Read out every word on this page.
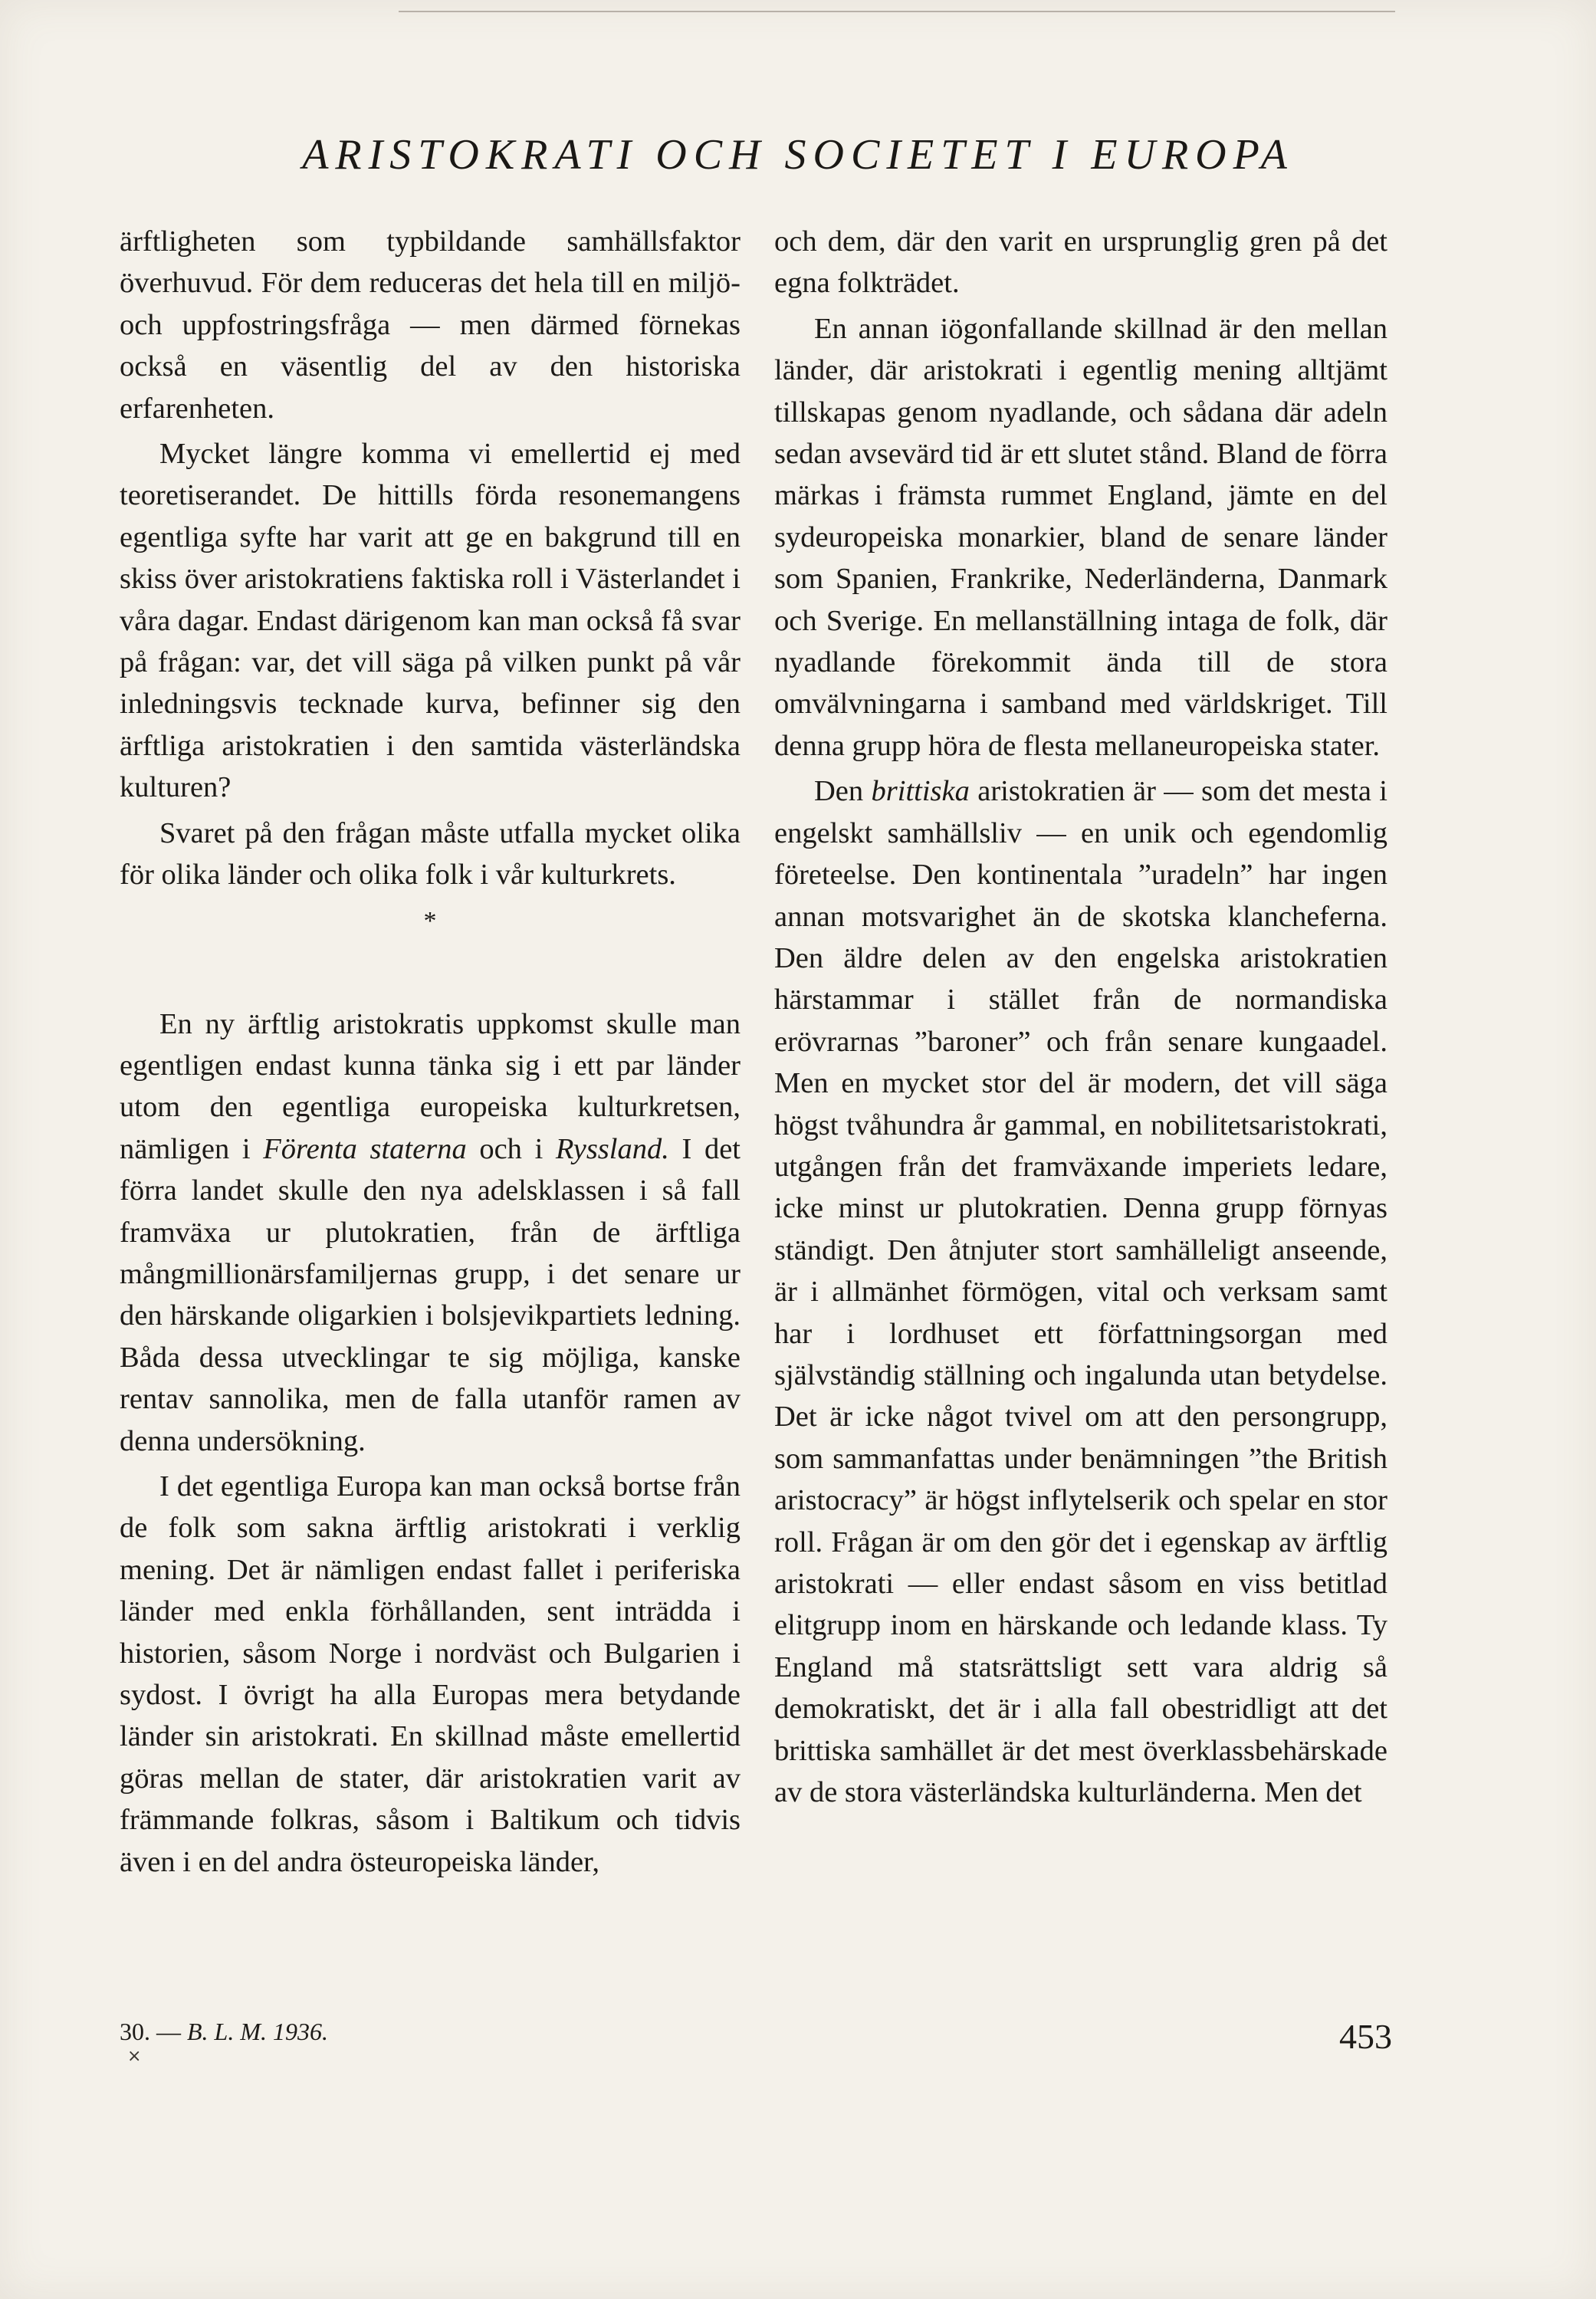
ARISTOKRATI OCH SOCIETET I EUROPA

ärftligheten som typbildande samhällsfaktor överhuvud. För dem reduceras det hela till en miljö- och uppfostringsfråga — men därmed förnekas också en väsentlig del av den historiska erfarenheten.

Mycket längre komma vi emellertid ej med teoretiserandet. De hittills förda resonemangens egentliga syfte har varit att ge en bakgrund till en skiss över aristokratiens faktiska roll i Västerlandet i våra dagar. Endast därigenom kan man också få svar på frågan: var, det vill säga på vilken punkt på vår inledningsvis tecknade kurva, befinner sig den ärftliga aristokratien i den samtida västerländska kulturen?

Svaret på den frågan måste utfalla mycket olika för olika länder och olika folk i vår kulturkrets.

*

En ny ärftlig aristokratis uppkomst skulle man egentligen endast kunna tänka sig i ett par länder utom den egentliga europeiska kulturkretsen, nämligen i Förenta staterna och i Ryssland. I det förra landet skulle den nya adelsklassen i så fall framväxa ur plutokratien, från de ärftliga mångmillionärsfamiljernas grupp, i det senare ur den härskande oligarkien i bolsjevikpartiets ledning. Båda dessa utvecklingar te sig möjliga, kanske rentav sannolika, men de falla utanför ramen av denna undersökning.

I det egentliga Europa kan man också bortse från de folk som sakna ärftlig aristokrati i verklig mening. Det är nämligen endast fallet i periferiska länder med enkla förhållanden, sent inträdda i historien, såsom Norge i nordväst och Bulgarien i sydost. I övrigt ha alla Europas mera betydande länder sin aristokrati. En skillnad måste emellertid göras mellan de stater, där aristokratien varit av främmande folkras, såsom i Baltikum och tidvis även i en del andra östeuropeiska länder,

och dem, där den varit en ursprunglig gren på det egna folkträdet.

En annan iögonfallande skillnad är den mellan länder, där aristokrati i egentlig mening alltjämt tillskapas genom nyadlande, och sådana där adeln sedan avsevärd tid är ett slutet stånd. Bland de förra märkas i främsta rummet England, jämte en del sydeuropeiska monarkier, bland de senare länder som Spanien, Frankrike, Nederländerna, Danmark och Sverige. En mellanställning intaga de folk, där nyadlande förekommit ända till de stora omvälvningarna i samband med världskriget. Till denna grupp höra de flesta mellaneuropeiska stater.

Den brittiska aristokratien är — som det mesta i engelskt samhällsliv — en unik och egendomlig företeelse. Den kontinentala ”uradeln” har ingen annan motsvarighet än de skotska klancheferna. Den äldre delen av den engelska aristokratien härstammar i stället från de normandiska erövrarnas ”baroner” och från senare kungaadel. Men en mycket stor del är modern, det vill säga högst tvåhundra år gammal, en nobilitetsaristokrati, utgången från det framväxande imperiets ledare, icke minst ur plutokratien. Denna grupp förnyas ständigt. Den åtnjuter stort samhälleligt anseende, är i allmänhet förmögen, vital och verksam samt har i lordhuset ett författningsorgan med självständig ställning och ingalunda utan betydelse. Det är icke något tvivel om att den persongrupp, som sammanfattas under benämningen ”the British aristocracy” är högst inflytelserik och spelar en stor roll. Frågan är om den gör det i egenskap av ärftlig aristokrati — eller endast såsom en viss betitlad elitgrupp inom en härskande och ledande klass. Ty England må statsrättsligt sett vara aldrig så demokratiskt, det är i alla fall obestridligt att det brittiska samhället är det mest överklassbehärskade av de stora västerländska kulturländerna. Men det

30. — B. L. M. 1936.
×
453
